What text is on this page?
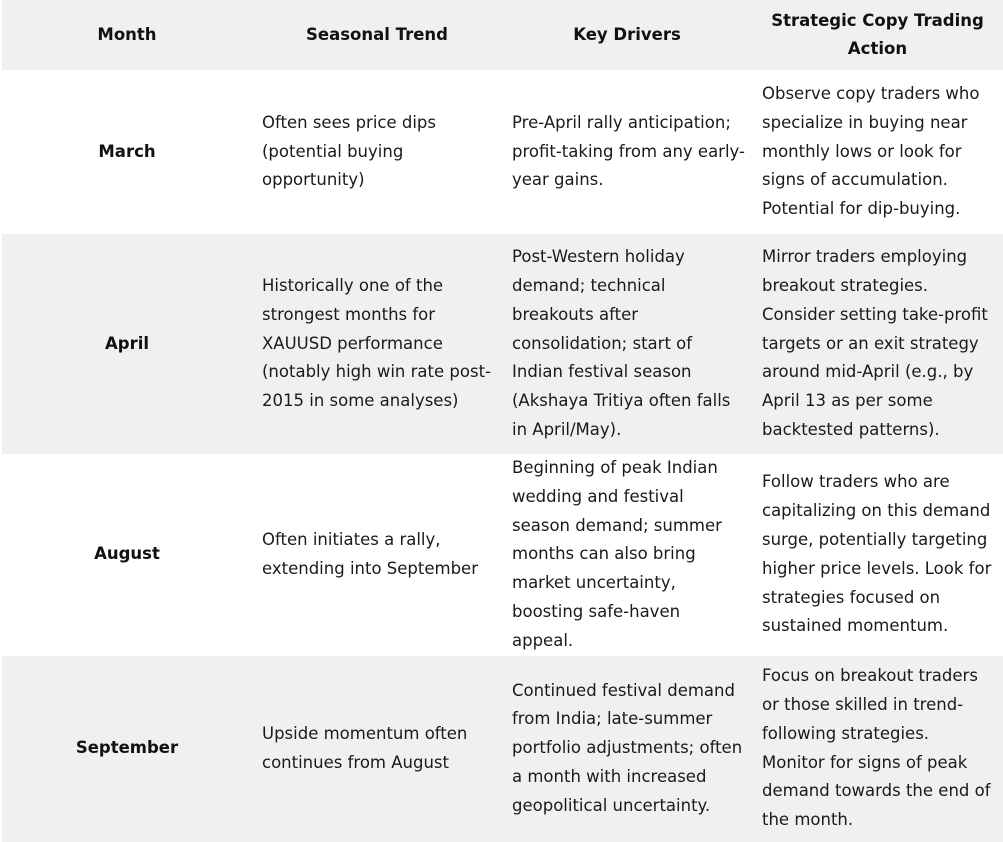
Month	Seasonal Trend	Key Drivers	Strategic Copy Trading Action
March	Often sees price dips (potential buying opportunity)	Pre-April rally anticipation; profit-taking from any early-year gains.	Observe copy traders who specialize in buying near monthly lows or look for signs of accumulation. Potential for dip-buying.
April	Historically one of the strongest months for XAUUSD performance (notably high win rate post-2015 in some analyses)	Post-Western holiday demand; technical breakouts after consolidation; start of Indian festival season (Akshaya Tritiya often falls in April/May).	Mirror traders employing breakout strategies. Consider setting take-profit targets or an exit strategy around mid-April (e.g., by April 13 as per some backtested patterns).
August	Often initiates a rally, extending into September	Beginning of peak Indian wedding and festival season demand; summer months can also bring market uncertainty, boosting safe-haven appeal.	Follow traders who are capitalizing on this demand surge, potentially targeting higher price levels. Look for strategies focused on sustained momentum.
September	Upside momentum often continues from August	Continued festival demand from India; late-summer portfolio adjustments; often a month with increased geopolitical uncertainty.	Focus on breakout traders or those skilled in trend-following strategies. Monitor for signs of peak demand towards the end of the month.
